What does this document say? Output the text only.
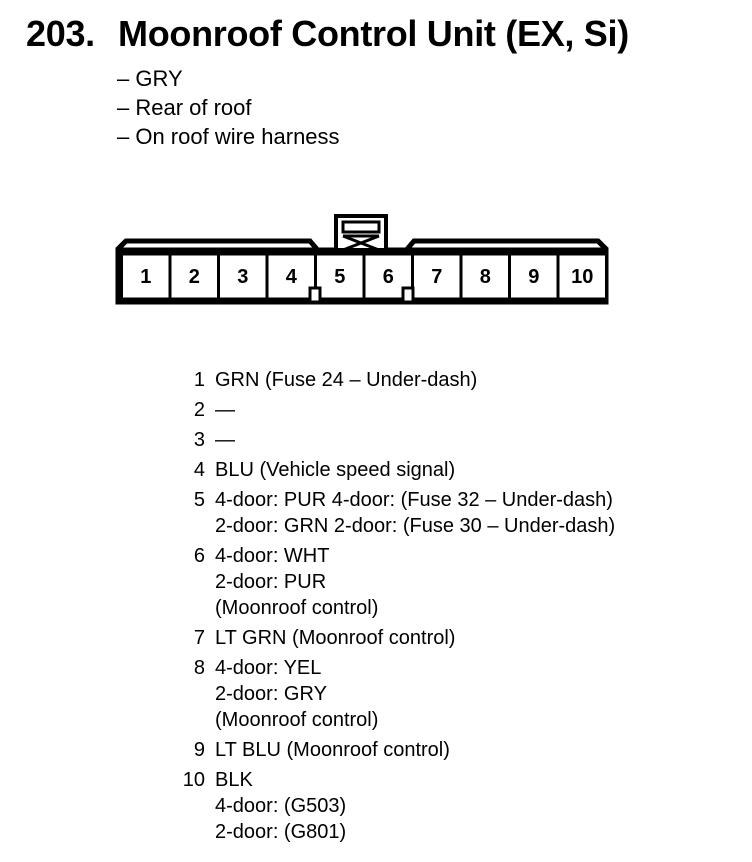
203. Moonroof Control Unit (EX, Si)
– GRY
– Rear of roof
– On roof wire harness
1 2 3 4 5 6 7 8 9 10
1 GRN (Fuse 24 – Under-dash)
2 —
3 —
4 BLU (Vehicle speed signal)
5 4-door: PUR 4-door: (Fuse 32 – Under-dash)
2-door: GRN 2-door: (Fuse 30 – Under-dash)
6 4-door: WHT
2-door: PUR
(Moonroof control)
7 LT GRN (Moonroof control)
8 4-door: YEL
2-door: GRY
(Moonroof control)
9 LT BLU (Moonroof control)
10 BLK
4-door: (G503)
2-door: (G801)
